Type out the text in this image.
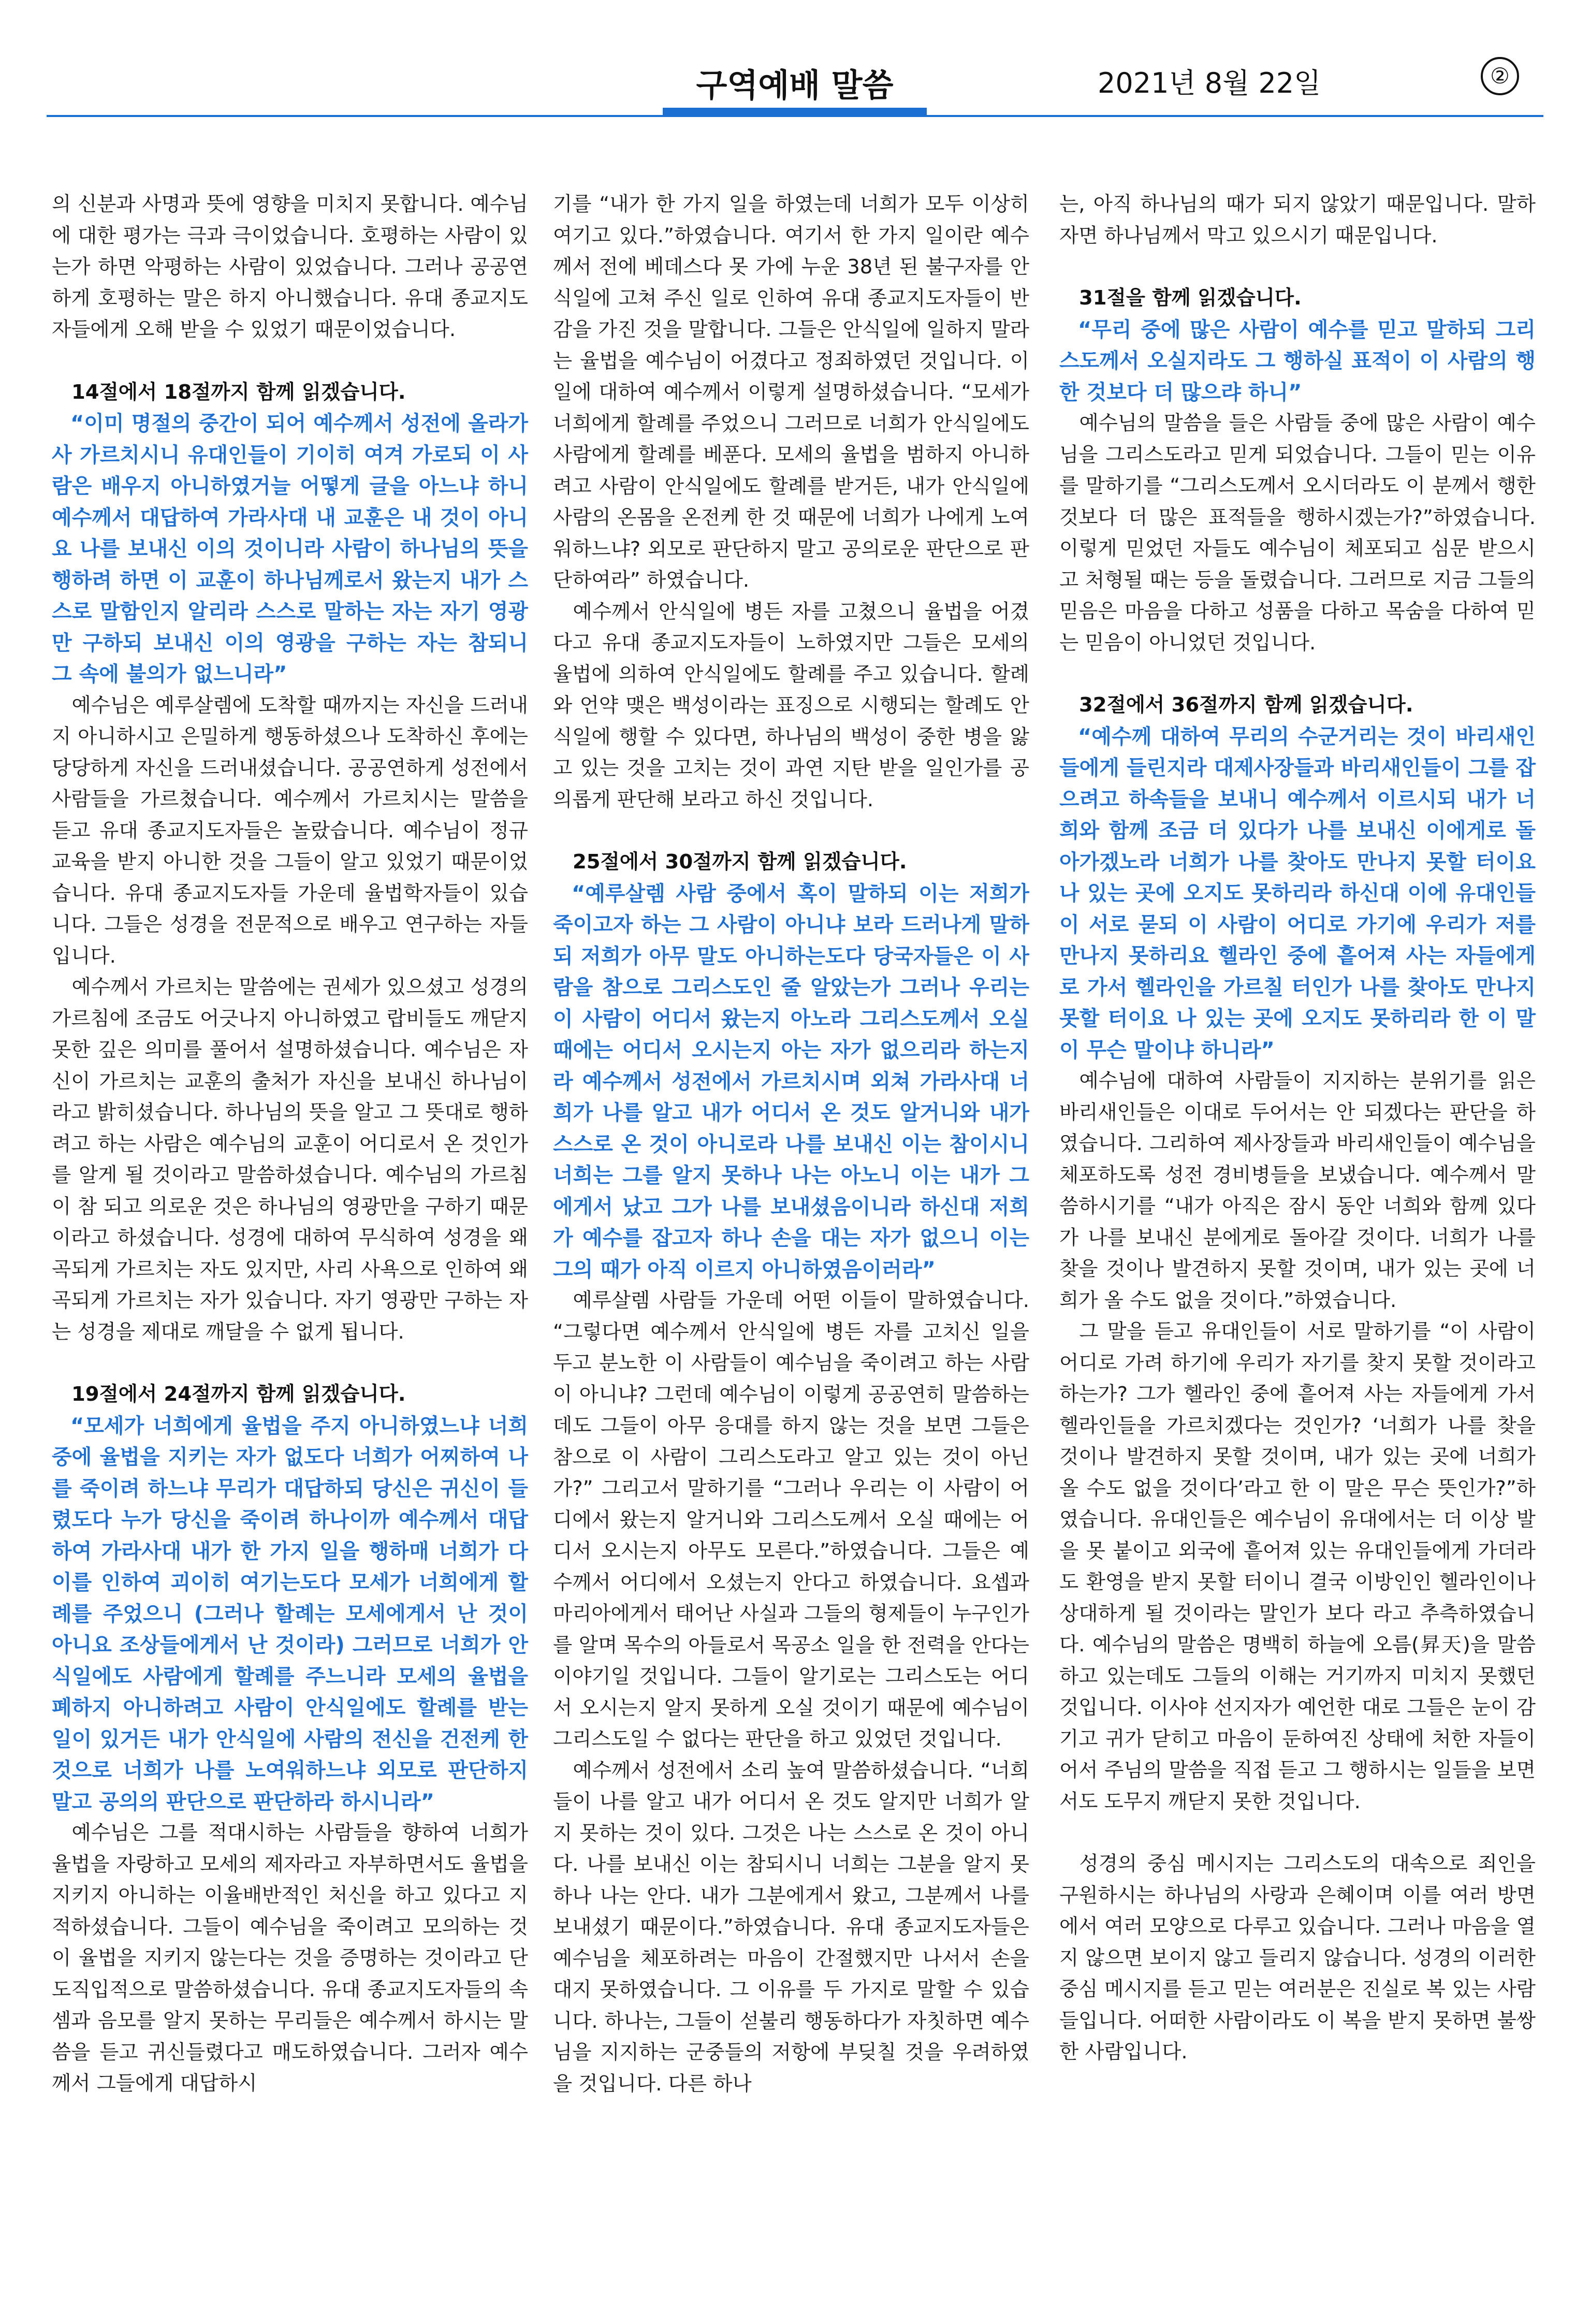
구역예배 말씀	2021년 8월 22일	②

의 신분과 사명과 뜻에 영향을 미치지 못합니다. 예수님에 대한 평가는 극과 극이었습니다. 호평하는 사람이 있는가 하면 악평하는 사람이 있었습니다. 그러나 공공연하게 호평하는 말은 하지 아니했습니다. 유대 종교지도자들에게 오해 받을 수 있었기 때문이었습니다.

14절에서 18절까지 함께 읽겠습니다.

“이미 명절의 중간이 되어 예수께서 성전에 올라가사 가르치시니 유대인들이 기이히 여겨 가로되 이 사람은 배우지 아니하였거늘 어떻게 글을 아느냐 하니 예수께서 대답하여 가라사대 내 교훈은 내 것이 아니요 나를 보내신 이의 것이니라 사람이 하나님의 뜻을 행하려 하면 이 교훈이 하나님께로서 왔는지 내가 스스로 말함인지 알리라 스스로 말하는 자는 자기 영광만 구하되 보내신 이의 영광을 구하는 자는 참되니 그 속에 불의가 없느니라”

예수님은 예루살렘에 도착할 때까지는 자신을 드러내지 아니하시고 은밀하게 행동하셨으나 도착하신 후에는 당당하게 자신을 드러내셨습니다. 공공연하게 성전에서 사람들을 가르쳤습니다. 예수께서 가르치시는 말씀을 듣고 유대 종교지도자들은 놀랐습니다. 예수님이 정규 교육을 받지 아니한 것을 그들이 알고 있었기 때문이었습니다. 유대 종교지도자들 가운데 율법학자들이 있습니다. 그들은 성경을 전문적으로 배우고 연구하는 자들입니다.

예수께서 가르치는 말씀에는 권세가 있으셨고 성경의 가르침에 조금도 어긋나지 아니하였고 랍비들도 깨닫지 못한 깊은 의미를 풀어서 설명하셨습니다. 예수님은 자신이 가르치는 교훈의 출처가 자신을 보내신 하나님이라고 밝히셨습니다. 하나님의 뜻을 알고 그 뜻대로 행하려고 하는 사람은 예수님의 교훈이 어디로서 온 것인가를 알게 될 것이라고 말씀하셨습니다. 예수님의 가르침이 참 되고 의로운 것은 하나님의 영광만을 구하기 때문이라고 하셨습니다. 성경에 대하여 무식하여 성경을 왜곡되게 가르치는 자도 있지만, 사리 사욕으로 인하여 왜곡되게 가르치는 자가 있습니다. 자기 영광만 구하는 자는 성경을 제대로 깨달을 수 없게 됩니다.

19절에서 24절까지 함께 읽겠습니다.

“모세가 너희에게 율법을 주지 아니하였느냐 너희 중에 율법을 지키는 자가 없도다 너희가 어찌하여 나를 죽이려 하느냐 무리가 대답하되 당신은 귀신이 들렸도다 누가 당신을 죽이려 하나이까 예수께서 대답하여 가라사대 내가 한 가지 일을 행하매 너희가 다 이를 인하여 괴이히 여기는도다 모세가 너희에게 할례를 주었으니 (그러나 할례는 모세에게서 난 것이 아니요 조상들에게서 난 것이라) 그러므로 너희가 안식일에도 사람에게 할례를 주느니라 모세의 율법을 폐하지 아니하려고 사람이 안식일에도 할례를 받는 일이 있거든 내가 안식일에 사람의 전신을 건전케 한 것으로 너희가 나를 노여워하느냐 외모로 판단하지 말고 공의의 판단으로 판단하라 하시니라”

예수님은 그를 적대시하는 사람들을 향하여 너희가 율법을 자랑하고 모세의 제자라고 자부하면서도 율법을 지키지 아니하는 이율배반적인 처신을 하고 있다고 지적하셨습니다. 그들이 예수님을 죽이려고 모의하는 것이 율법을 지키지 않는다는 것을 증명하는 것이라고 단도직입적으로 말씀하셨습니다. 유대 종교지도자들의 속셈과 음모를 알지 못하는 무리들은 예수께서 하시는 말씀을 듣고 귀신들렸다고 매도하였습니다. 그러자 예수께서 그들에게 대답하시

기를 “내가 한 가지 일을 하였는데 너희가 모두 이상히 여기고 있다.”하였습니다. 여기서 한 가지 일이란 예수께서 전에 베데스다 못 가에 누운 38년 된 불구자를 안식일에 고쳐 주신 일로 인하여 유대 종교지도자들이 반감을 가진 것을 말합니다. 그들은 안식일에 일하지 말라는 율법을 예수님이 어겼다고 정죄하였던 것입니다. 이 일에 대하여 예수께서 이렇게 설명하셨습니다. “모세가 너희에게 할례를 주었으니 그러므로 너희가 안식일에도 사람에게 할례를 베푼다. 모세의 율법을 범하지 아니하려고 사람이 안식일에도 할례를 받거든, 내가 안식일에 사람의 온몸을 온전케 한 것 때문에 너희가 나에게 노여워하느냐? 외모로 판단하지 말고 공의로운 판단으로 판단하여라” 하였습니다.

예수께서 안식일에 병든 자를 고쳤으니 율법을 어겼다고 유대 종교지도자들이 노하였지만 그들은 모세의 율법에 의하여 안식일에도 할례를 주고 있습니다. 할례와 언약 맺은 백성이라는 표징으로 시행되는 할례도 안식일에 행할 수 있다면, 하나님의 백성이 중한 병을 앓고 있는 것을 고치는 것이 과연 지탄 받을 일인가를 공의롭게 판단해 보라고 하신 것입니다.

25절에서 30절까지 함께 읽겠습니다.

“예루살렘 사람 중에서 혹이 말하되 이는 저희가 죽이고자 하는 그 사람이 아니냐 보라 드러나게 말하되 저희가 아무 말도 아니하는도다 당국자들은 이 사람을 참으로 그리스도인 줄 알았는가 그러나 우리는 이 사람이 어디서 왔는지 아노라 그리스도께서 오실 때에는 어디서 오시는지 아는 자가 없으리라 하는지라 예수께서 성전에서 가르치시며 외쳐 가라사대 너희가 나를 알고 내가 어디서 온 것도 알거니와 내가 스스로 온 것이 아니로라 나를 보내신 이는 참이시니 너희는 그를 알지 못하나 나는 아노니 이는 내가 그에게서 났고 그가 나를 보내셨음이니라 하신대 저희가 예수를 잡고자 하나 손을 대는 자가 없으니 이는 그의 때가 아직 이르지 아니하였음이러라”

예루살렘 사람들 가운데 어떤 이들이 말하였습니다. “그렇다면 예수께서 안식일에 병든 자를 고치신 일을 두고 분노한 이 사람들이 예수님을 죽이려고 하는 사람이 아니냐? 그런데 예수님이 이렇게 공공연히 말씀하는 데도 그들이 아무 응대를 하지 않는 것을 보면 그들은 참으로 이 사람이 그리스도라고 알고 있는 것이 아닌가?” 그리고서 말하기를 “그러나 우리는 이 사람이 어디에서 왔는지 알거니와 그리스도께서 오실 때에는 어디서 오시는지 아무도 모른다.”하였습니다. 그들은 예수께서 어디에서 오셨는지 안다고 하였습니다. 요셉과 마리아에게서 태어난 사실과 그들의 형제들이 누구인가를 알며 목수의 아들로서 목공소 일을 한 전력을 안다는 이야기일 것입니다. 그들이 알기로는 그리스도는 어디서 오시는지 알지 못하게 오실 것이기 때문에 예수님이 그리스도일 수 없다는 판단을 하고 있었던 것입니다.

예수께서 성전에서 소리 높여 말씀하셨습니다. “너희들이 나를 알고 내가 어디서 온 것도 알지만 너희가 알지 못하는 것이 있다. 그것은 나는 스스로 온 것이 아니다. 나를 보내신 이는 참되시니 너희는 그분을 알지 못하나 나는 안다. 내가 그분에게서 왔고, 그분께서 나를 보내셨기 때문이다.”하였습니다. 유대 종교지도자들은 예수님을 체포하려는 마음이 간절했지만 나서서 손을 대지 못하였습니다. 그 이유를 두 가지로 말할 수 있습니다. 하나는, 그들이 섣불리 행동하다가 자칫하면 예수님을 지지하는 군중들의 저항에 부딪칠 것을 우려하였을 것입니다. 다른 하나

는, 아직 하나님의 때가 되지 않았기 때문입니다. 말하자면 하나님께서 막고 있으시기 때문입니다.

31절을 함께 읽겠습니다.

“무리 중에 많은 사람이 예수를 믿고 말하되 그리스도께서 오실지라도 그 행하실 표적이 이 사람의 행한 것보다 더 많으랴 하니”

예수님의 말씀을 들은 사람들 중에 많은 사람이 예수님을 그리스도라고 믿게 되었습니다. 그들이 믿는 이유를 말하기를 “그리스도께서 오시더라도 이 분께서 행한 것보다 더 많은 표적들을 행하시겠는가?”하였습니다. 이렇게 믿었던 자들도 예수님이 체포되고 심문 받으시고 처형될 때는 등을 돌렸습니다. 그러므로 지금 그들의 믿음은 마음을 다하고 성품을 다하고 목숨을 다하여 믿는 믿음이 아니었던 것입니다.

32절에서 36절까지 함께 읽겠습니다.

“예수께 대하여 무리의 수군거리는 것이 바리새인들에게 들린지라 대제사장들과 바리새인들이 그를 잡으려고 하속들을 보내니 예수께서 이르시되 내가 너희와 함께 조금 더 있다가 나를 보내신 이에게로 돌아가겠노라 너희가 나를 찾아도 만나지 못할 터이요 나 있는 곳에 오지도 못하리라 하신대 이에 유대인들이 서로 묻되 이 사람이 어디로 가기에 우리가 저를 만나지 못하리요 헬라인 중에 흩어져 사는 자들에게로 가서 헬라인을 가르칠 터인가 나를 찾아도 만나지 못할 터이요 나 있는 곳에 오지도 못하리라 한 이 말이 무슨 말이냐 하니라”

예수님에 대하여 사람들이 지지하는 분위기를 읽은 바리새인들은 이대로 두어서는 안 되겠다는 판단을 하였습니다. 그리하여 제사장들과 바리새인들이 예수님을 체포하도록 성전 경비병들을 보냈습니다. 예수께서 말씀하시기를 “내가 아직은 잠시 동안 너희와 함께 있다가 나를 보내신 분에게로 돌아갈 것이다. 너희가 나를 찾을 것이나 발견하지 못할 것이며, 내가 있는 곳에 너희가 올 수도 없을 것이다.”하였습니다.

그 말을 듣고 유대인들이 서로 말하기를 “이 사람이 어디로 가려 하기에 우리가 자기를 찾지 못할 것이라고 하는가? 그가 헬라인 중에 흩어져 사는 자들에게 가서 헬라인들을 가르치겠다는 것인가? ‘너희가 나를 찾을 것이나 발견하지 못할 것이며, 내가 있는 곳에 너희가 올 수도 없을 것이다’라고 한 이 말은 무슨 뜻인가?”하였습니다. 유대인들은 예수님이 유대에서는 더 이상 발을 못 붙이고 외국에 흩어져 있는 유대인들에게 가더라도 환영을 받지 못할 터이니 결국 이방인인 헬라인이나 상대하게 될 것이라는 말인가 보다 라고 추측하였습니다. 예수님의 말씀은 명백히 하늘에 오름(昇天)을 말씀하고 있는데도 그들의 이해는 거기까지 미치지 못했던 것입니다. 이사야 선지자가 예언한 대로 그들은 눈이 감기고 귀가 닫히고 마음이 둔하여진 상태에 처한 자들이어서 주님의 말씀을 직접 듣고 그 행하시는 일들을 보면서도 도무지 깨닫지 못한 것입니다.

성경의 중심 메시지는 그리스도의 대속으로 죄인을 구원하시는 하나님의 사랑과 은혜이며 이를 여러 방면에서 여러 모양으로 다루고 있습니다. 그러나 마음을 열지 않으면 보이지 않고 들리지 않습니다. 성경의 이러한 중심 메시지를 듣고 믿는 여러분은 진실로 복 있는 사람들입니다. 어떠한 사람이라도 이 복을 받지 못하면 불쌍한 사람입니다.
